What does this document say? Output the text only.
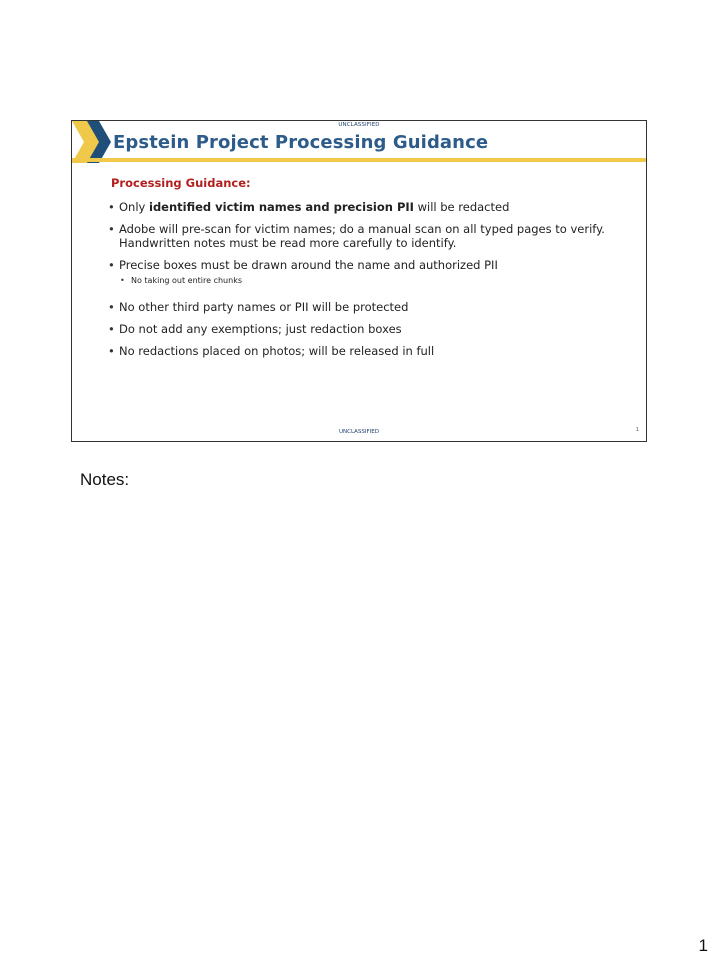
UNCLASSIFIED
Epstein Project Processing Guidance
Processing Guidance:
• Only identified victim names and precision PII will be redacted
• Adobe will pre-scan for victim names; do a manual scan on all typed pages to verify. Handwritten notes must be read more carefully to identify.
• Precise boxes must be drawn around the name and authorized PII
• No taking out entire chunks
• No other third party names or PII will be protected
• Do not add any exemptions; just redaction boxes
• No redactions placed on photos; will be released in full
1
UNCLASSIFIED
Notes:
1
